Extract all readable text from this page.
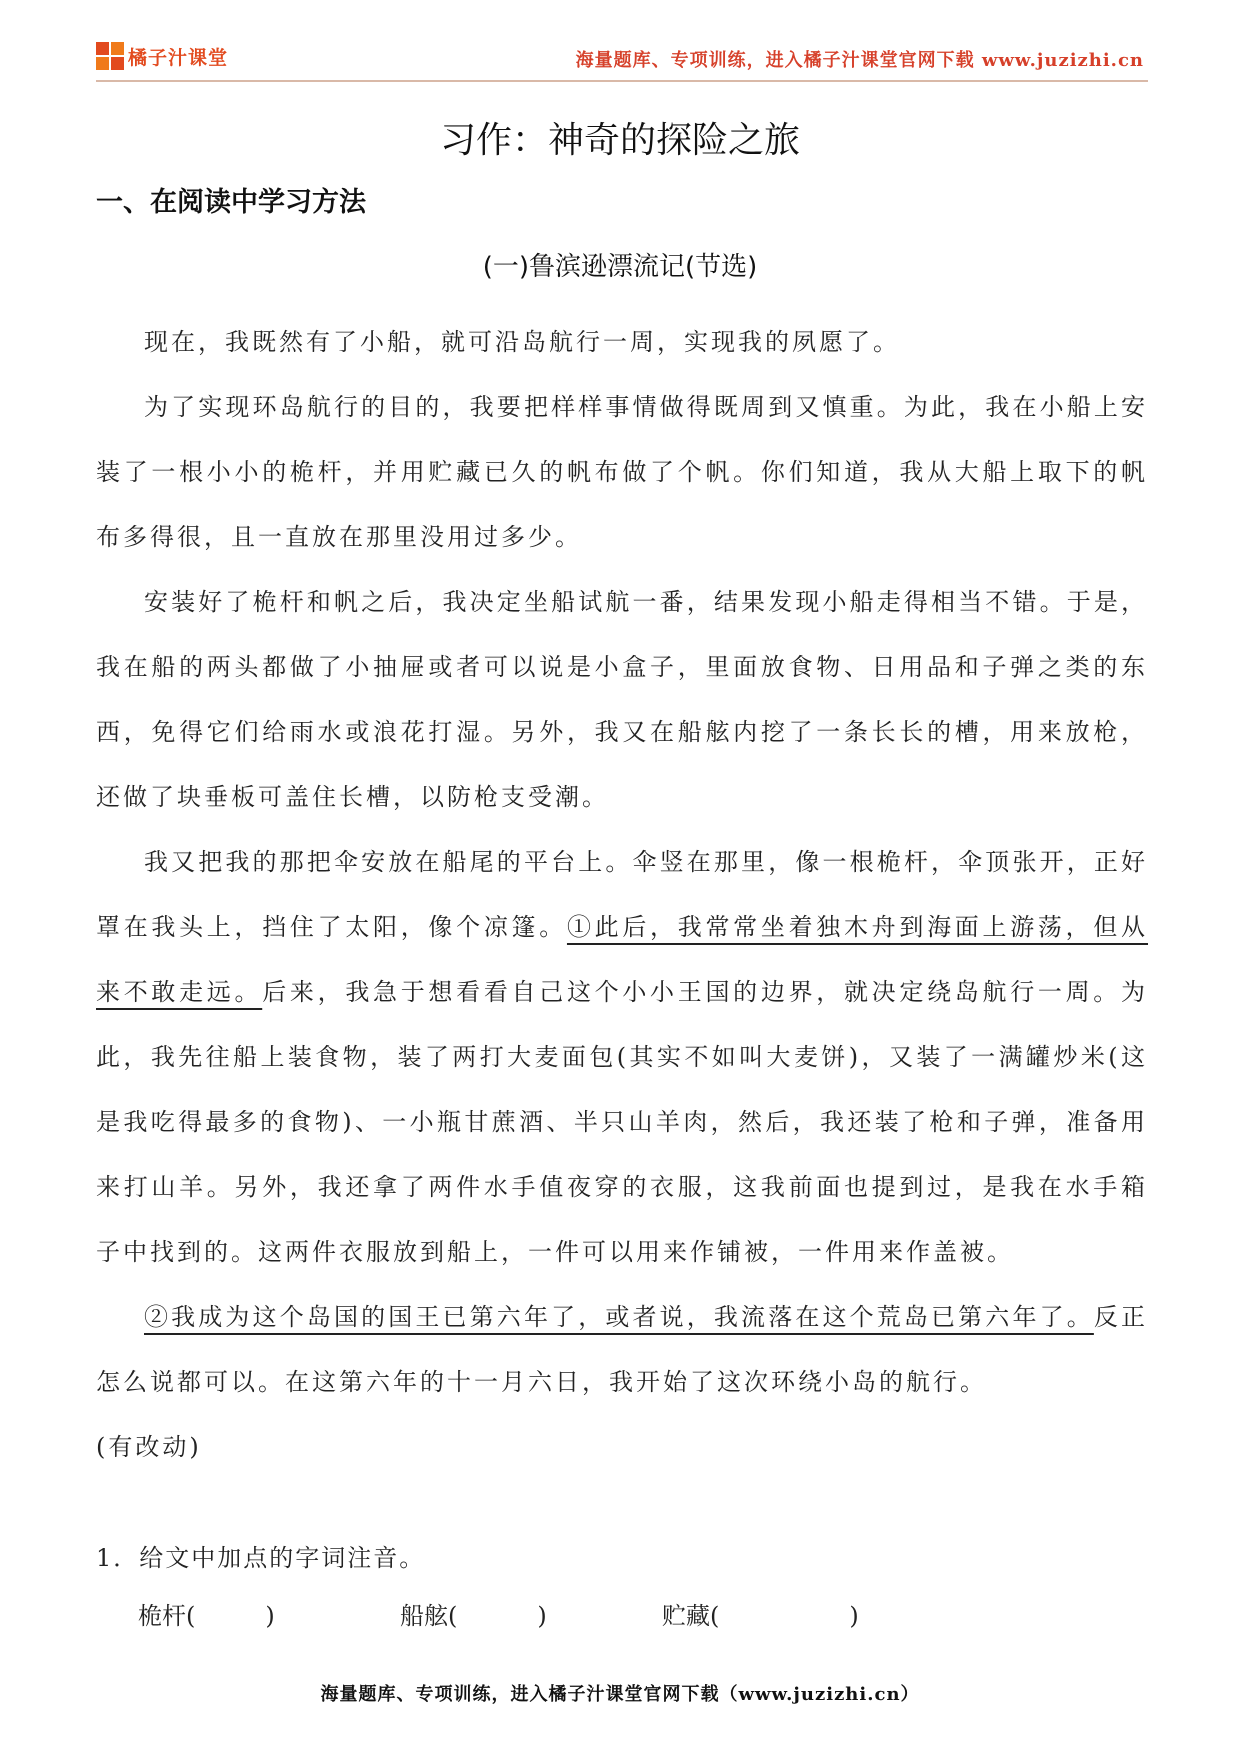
橘子汁课堂	海量题库、专项训练，进入橘子汁课堂官网下载 www.juzizhi.cn
习作：神奇的探险之旅
一、在阅读中学习方法
(一)鲁滨逊漂流记(节选)

现在，我既然有了小船，就可沿岛航行一周，实现我的夙愿了。

为了实现环岛航行的目的，我要把样样事情做得既周到又慎重。为此，我在小船上安装了一根小小的桅杆，并用贮藏已久的帆布做了个帆。你们知道，我从大船上取下的帆布多得很，且一直放在那里没用过多少。

安装好了桅杆和帆之后，我决定坐船试航一番，结果发现小船走得相当不错。于是，我在船的两头都做了小抽屉或者可以说是小盒子，里面放食物、日用品和子弹之类的东西，免得它们给雨水或浪花打湿。另外，我又在船舷内挖了一条长长的槽，用来放枪，还做了块垂板可盖住长槽，以防枪支受潮。

我又把我的那把伞安放在船尾的平台上。伞竖在那里，像一根桅杆，伞顶张开，正好罩在我头上，挡住了太阳，像个凉篷。①此后，我常常坐着独木舟到海面上游荡，但从来不敢走远。后来，我急于想看看自己这个小小王国的边界，就决定绕岛航行一周。为此，我先往船上装食物，装了两打大麦面包(其实不如叫大麦饼)，又装了一满罐炒米(这是我吃得最多的食物)、一小瓶甘蔗酒、半只山羊肉，然后，我还装了枪和子弹，准备用来打山羊。另外，我还拿了两件水手值夜穿的衣服，这我前面也提到过，是我在水手箱子中找到的。这两件衣服放到船上，一件可以用来作铺被，一件用来作盖被。

②我成为这个岛国的国王已第六年了，或者说，我流落在这个荒岛已第六年了。反正怎么说都可以。在这第六年的十一月六日，我开始了这次环绕小岛的航行。

(有改动)

1．给文中加点的字词注音。
桅杆 (	)	船舷 (	)	贮藏 (	)
海量题库、专项训练，进入橘子汁课堂官网下载（www.juzizhi.cn）
